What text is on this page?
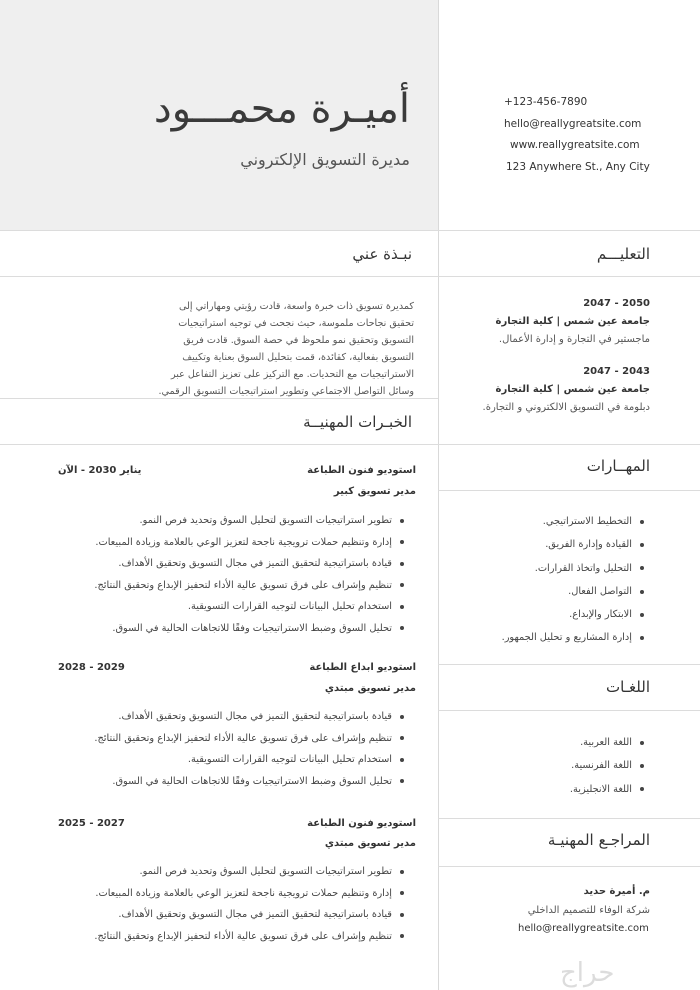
أميـرة محمـــود
مديرة التسويق الإلكتروني
+123-456-7890
hello@reallygreatsite.com
www.reallygreatsite.com
123 Anywhere St., Any City
نبـذة عني
كمديرة تسويق ذات خبرة واسعة، قادت رؤيتي ومهاراتي إلى تحقيق نجاحات ملموسة، حيث نجحت في توجيه استراتيجيات التسويق وتحقيق نمو ملحوظ في حصة السوق. قادت فريق التسويق بفعالية، كقائدة، قمت بتحليل السوق بعناية وتكييف الاستراتيجيات مع التحديات. مع التركيز على تعزيز التفاعل عبر وسائل التواصل الاجتماعي وتطوير استراتيجيات التسويق الرقمي.
التعليـــم
2050 - 2047
جامعة عين شمس | كلية التجارة
ماجستير في التجارة و إدارة الأعمال.
2043 - 2047
جامعة عين شمس | كلية التجارة
دبلومة في التسويق الالكتروني و التجارة.
الخبـرات المهنيــة
استوديو فنون الطباعة
يناير 2030 - الآن
مدير تسويق كبير
تطوير استراتيجيات التسويق لتحليل السوق وتحديد فرص النمو.
إدارة وتنظيم حملات ترويجية ناجحة لتعزيز الوعي بالعلامة وزيادة المبيعات.
قيادة باستراتيجية لتحقيق التميز في مجال التسويق وتحقيق الأهداف.
تنظيم وإشراف على فرق تسويق عالية الأداء لتحفيز الإبداع وتحقيق النتائج.
استخدام تحليل البيانات لتوجيه القرارات التسويقية.
تحليل السوق وضبط الاستراتيجيات وفقًا للاتجاهات الحالية في السوق.
استوديو ابداع الطباعة
2029 - 2028
مدير تسويق مبتدي
قيادة باستراتيجية لتحقيق التميز في مجال التسويق وتحقيق الأهداف.
تنظيم وإشراف على فرق تسويق عالية الأداء لتحفيز الإبداع وتحقيق النتائج.
استخدام تحليل البيانات لتوجيه القرارات التسويقية.
تحليل السوق وضبط الاستراتيجيات وفقًا للاتجاهات الحالية في السوق.
استوديو فنون الطباعة
2027 - 2025
مدير تسويق مبتدي
تطوير استراتيجيات التسويق لتحليل السوق وتحديد فرص النمو.
إدارة وتنظيم حملات ترويجية ناجحة لتعزيز الوعي بالعلامة وزيادة المبيعات.
قيادة باستراتيجية لتحقيق التميز في مجال التسويق وتحقيق الأهداف.
تنظيم وإشراف على فرق تسويق عالية الأداء لتحفيز الإبداع وتحقيق النتائج.
المهــارات
التخطيط الاستراتيجي.
القيادة وإدارة الفريق.
التحليل واتخاذ القرارات.
التواصل الفعال.
الابتكار والإبداع.
إدارة المشاريع و تحليل الجمهور.
اللغـات
اللغة العربية.
اللغة الفرنسية.
اللغة الانجليزية.
المراجـع المهنيـة
م. أميرة حديد
شركة الوفاء للتصميم الداخلي
hello@reallygreatsite.com
حراج
